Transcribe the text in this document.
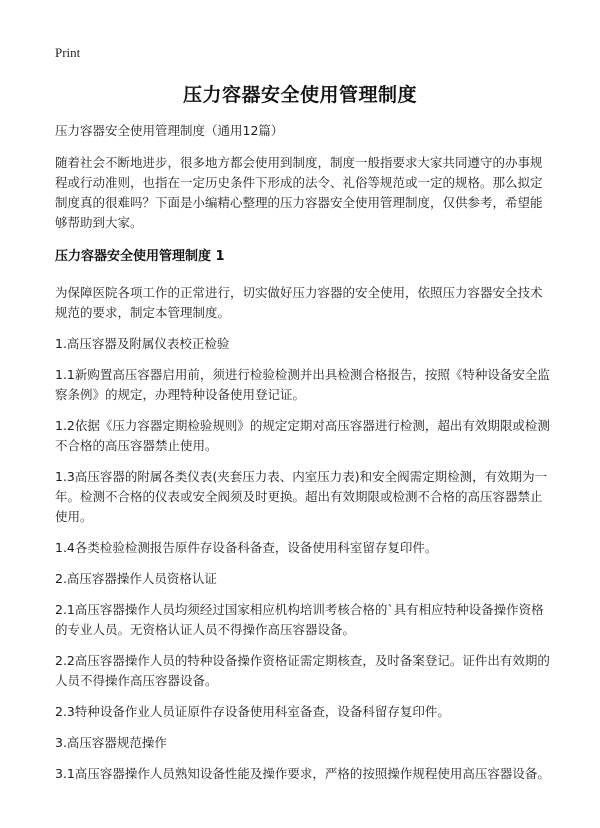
Print
压力容器安全使用管理制度

压力容器安全使用管理制度（通用12篇）

随着社会不断地进步，很多地方都会使用到制度，制度一般指要求大家共同遵守的办事规程或行动准则，也指在一定历史条件下形成的法令、礼俗等规范或一定的规格。那么拟定制度真的很难吗？下面是小编精心整理的压力容器安全使用管理制度，仅供参考，希望能够帮助到大家。

压力容器安全使用管理制度 1

为保障医院各项工作的正常进行，切实做好压力容器的安全使用，依照压力容器安全技术规范的要求，制定本管理制度。

1.高压容器及附属仪表校正检验

1.1新购置高压容器启用前，须进行检验检测并出具检测合格报告，按照《特种设备安全监察条例》的规定，办理特种设备使用登记证。

1.2依据《压力容器定期检验规则》的规定定期对高压容器进行检测，超出有效期限或检测不合格的高压容器禁止使用。

1.3高压容器的附属各类仪表(夹套压力表、内室压力表)和安全阀需定期检测，有效期为一年。检测不合格的仪表或安全阀须及时更换。超出有效期限或检测不合格的高压容器禁止使用。

1.4各类检验检测报告原件存设备科备查，设备使用科室留存复印件。

2.高压容器操作人员资格认证

2.1高压容器操作人员均须经过国家相应机构培训考核合格的`具有相应特种设备操作资格的专业人员。无资格认证人员不得操作高压容器设备。

2.2高压容器操作人员的特种设备操作资格证需定期核查，及时备案登记。证件出有效期的人员不得操作高压容器设备。

2.3特种设备作业人员证原件存设备使用科室备查，设备科留存复印件。

3.高压容器规范操作

3.1高压容器操作人员熟知设备性能及操作要求，严格的按照操作规程使用高压容器设备。
